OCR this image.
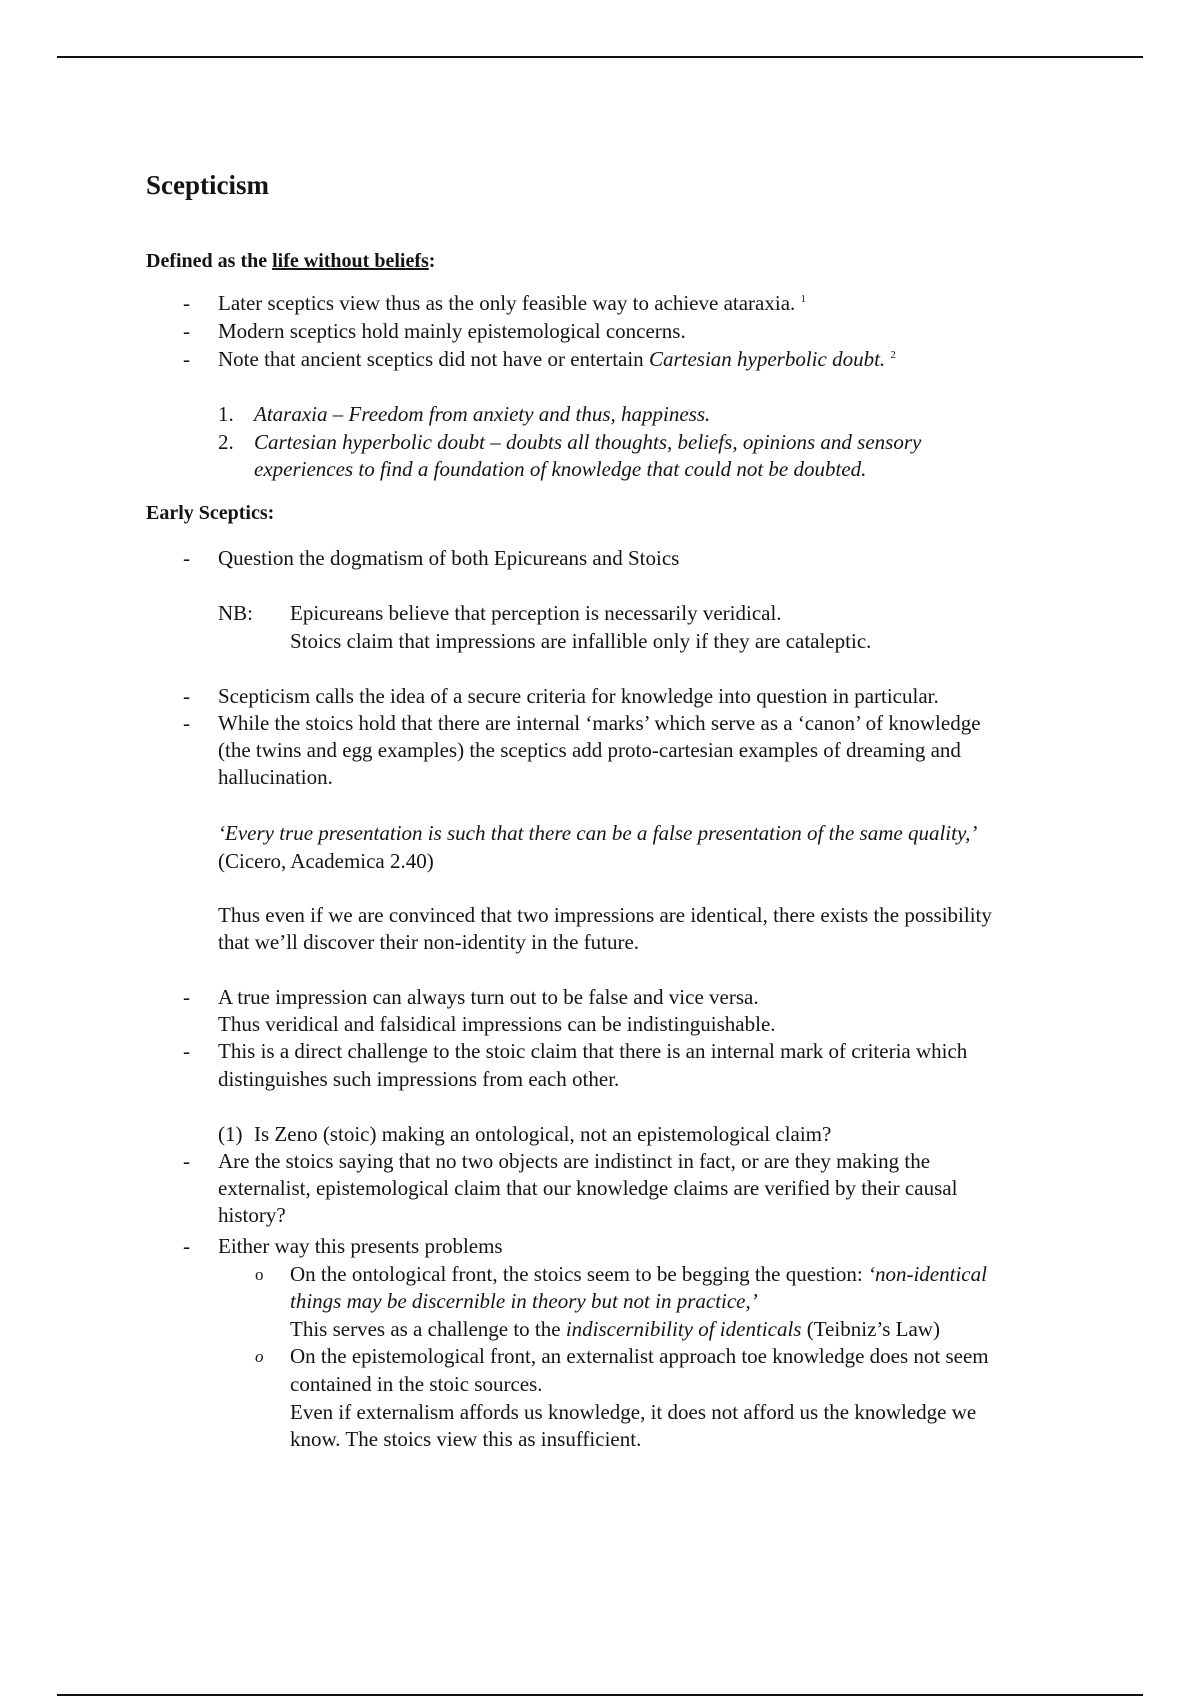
Scepticism
Defined as the life without beliefs:
- Later sceptics view thus as the only feasible way to achieve ataraxia. $^1$
- Modern sceptics hold mainly epistemological concerns.
- Note that ancient sceptics did not have or entertain Cartesian hyperbolic doubt. $^2$
1. Ataraxia – Freedom from anxiety and thus, happiness.
2. Cartesian hyperbolic doubt – doubts all thoughts, beliefs, opinions and sensory
experiences to find a foundation of knowledge that could not be doubted.
Early Sceptics:
- Question the dogmatism of both Epicureans and Stoics
NB: Epicureans believe that perception is necessarily veridical.
Stoics claim that impressions are infallible only if they are cataleptic.
- Scepticism calls the idea of a secure criteria for knowledge into question in particular.
- While the stoics hold that there are internal ‘marks’ which serve as a ‘canon’ of knowledge
(the twins and egg examples) the sceptics add proto-cartesian examples of dreaming and
hallucination.
‘Every true presentation is such that there can be a false presentation of the same quality,’
(Cicero, Academica 2.40)
Thus even if we are convinced that two impressions are identical, there exists the possibility
that we’ll discover their non-identity in the future.
- A true impression can always turn out to be false and vice versa.
Thus veridical and falsidical impressions can be indistinguishable.
- This is a direct challenge to the stoic claim that there is an internal mark of criteria which
distinguishes such impressions from each other.
(1) Is Zeno (stoic) making an ontological, not an epistemological claim?
- Are the stoics saying that no two objects are indistinct in fact, or are they making the
externalist, epistemological claim that our knowledge claims are verified by their causal
history?
- Either way this presents problems
o On the ontological front, the stoics seem to be begging the question: ‘non-identical
things may be discernible in theory but not in practice,’
This serves as a challenge to the indiscernibility of identicals (Teibniz’s Law)
o On the epistemological front, an externalist approach toe knowledge does not seem
contained in the stoic sources.
Even if externalism affords us knowledge, it does not afford us the knowledge we
know. The stoics view this as insufficient.
